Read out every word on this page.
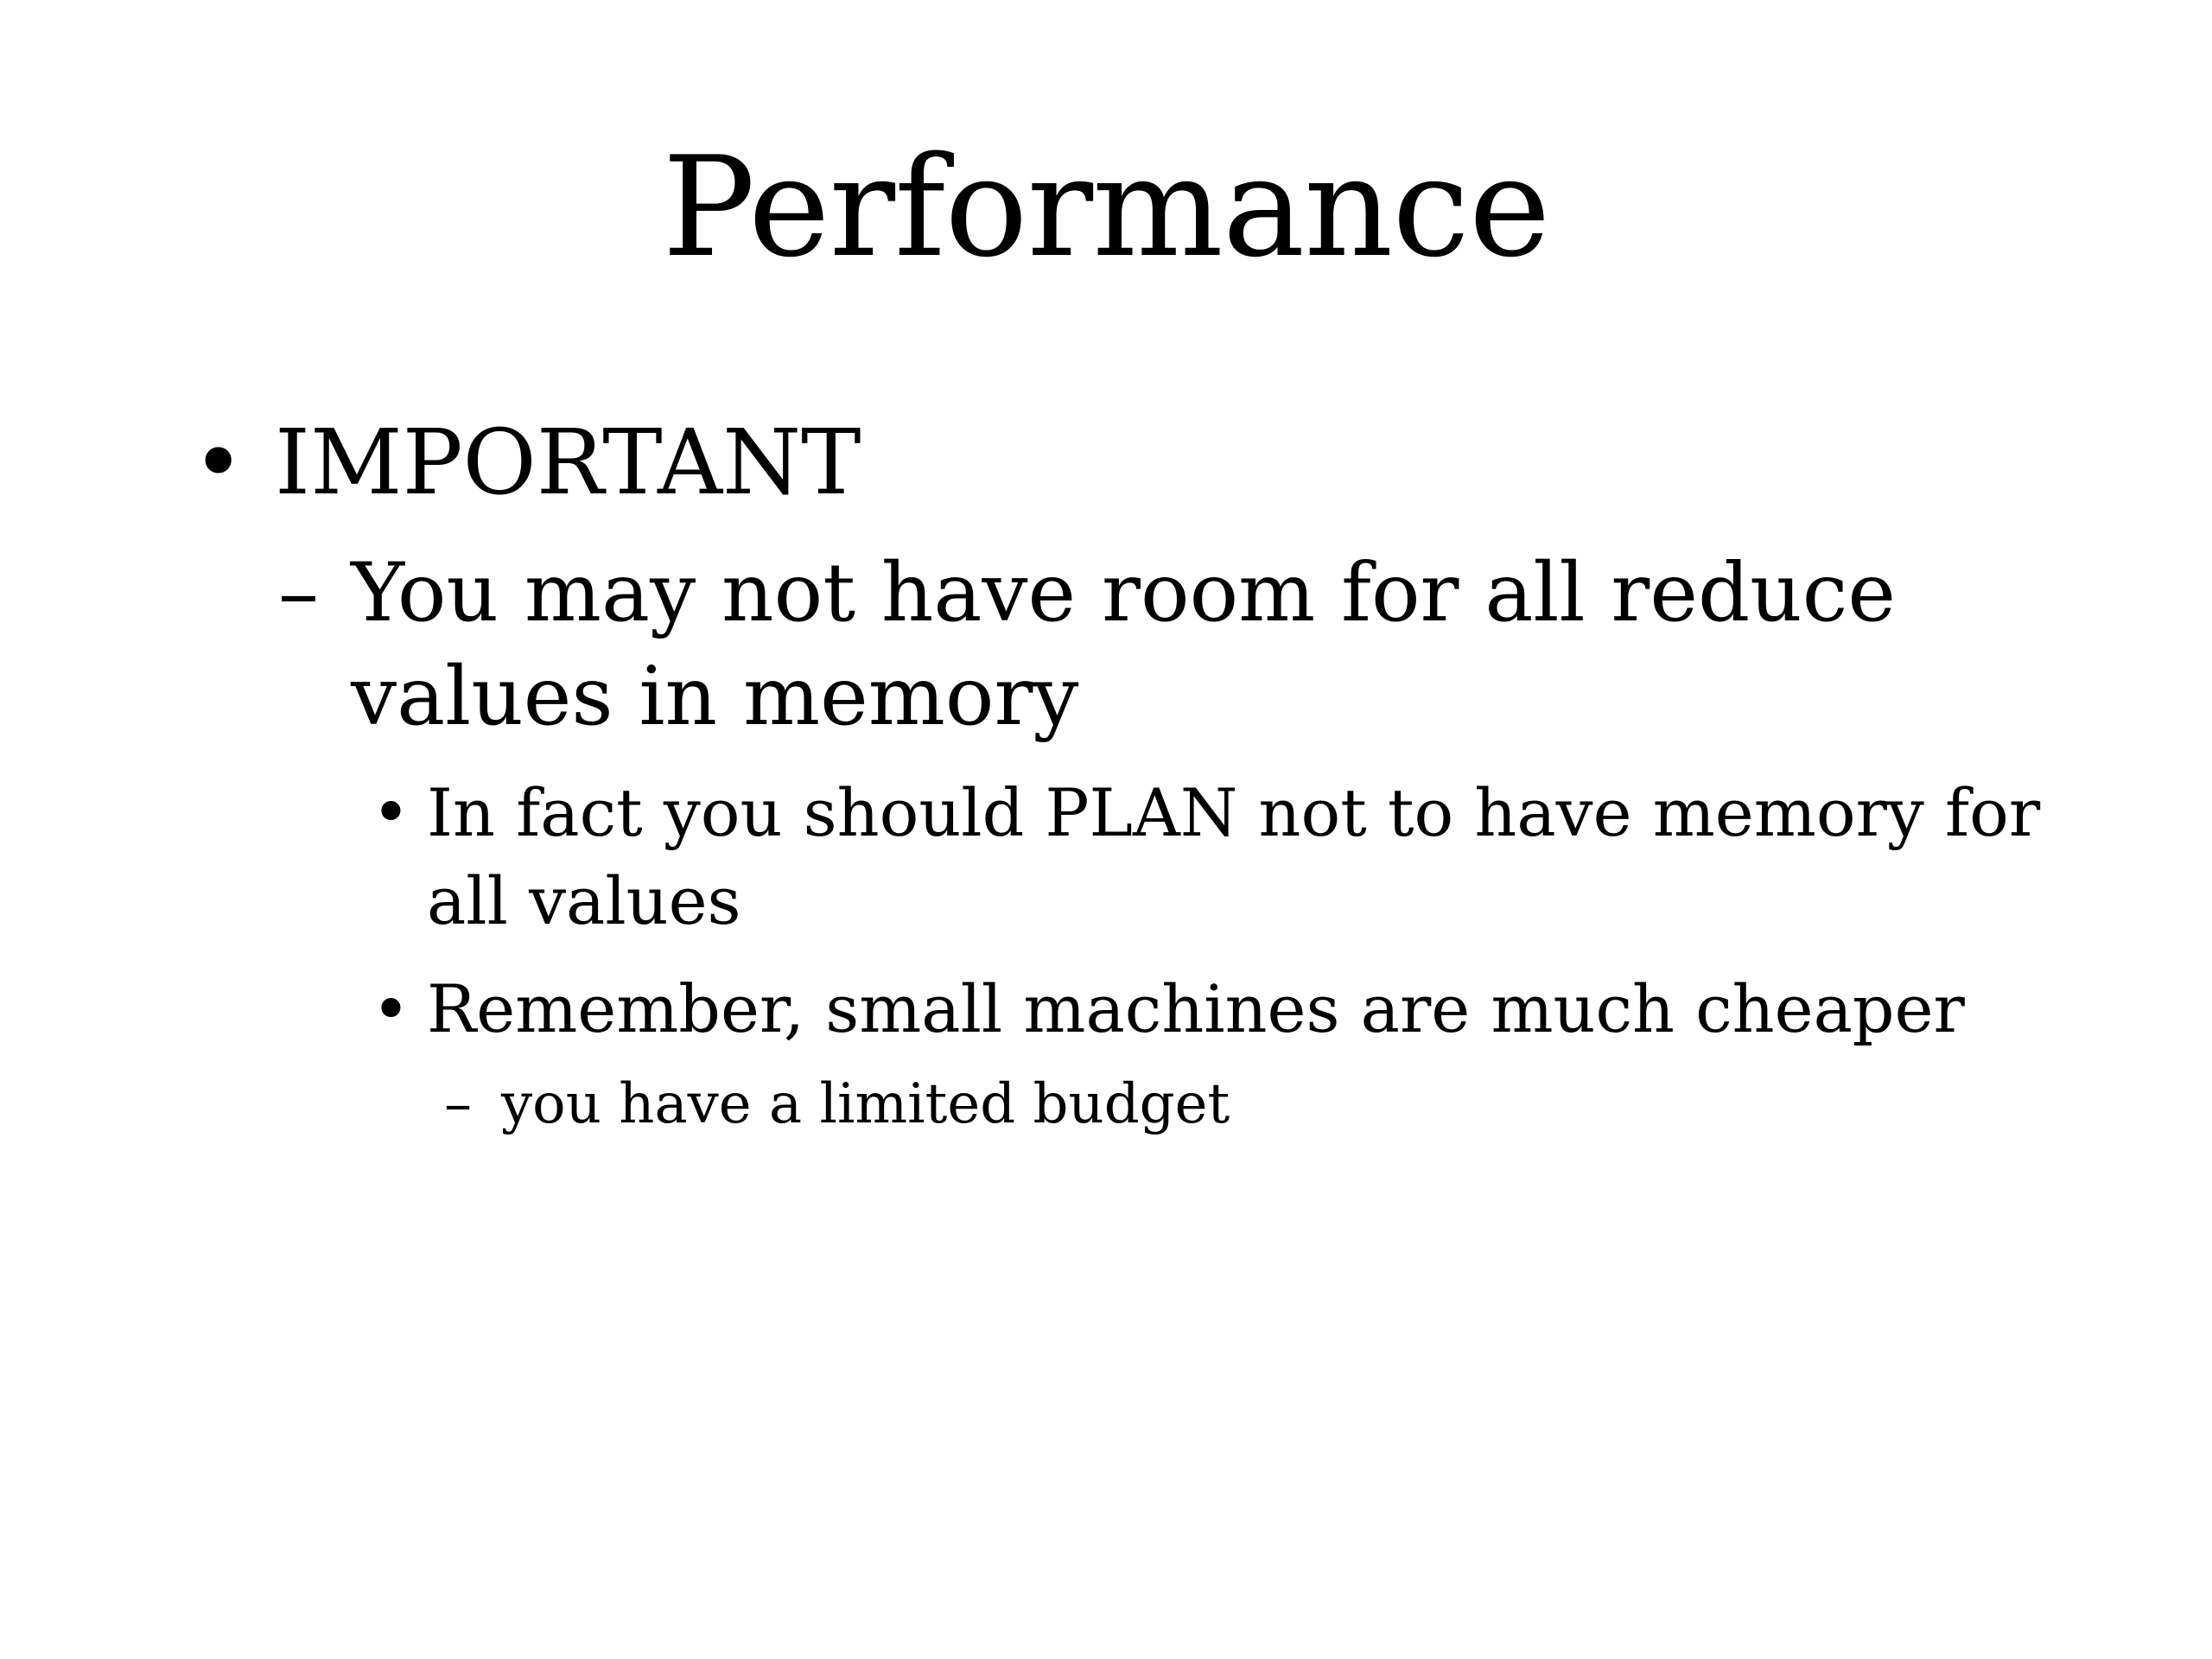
Performance
• IMPORTANT
– You may not have room for all reduce values in memory
• In fact you should PLAN not to have memory for all values
• Remember, small machines are much cheaper
– you have a limited budget
